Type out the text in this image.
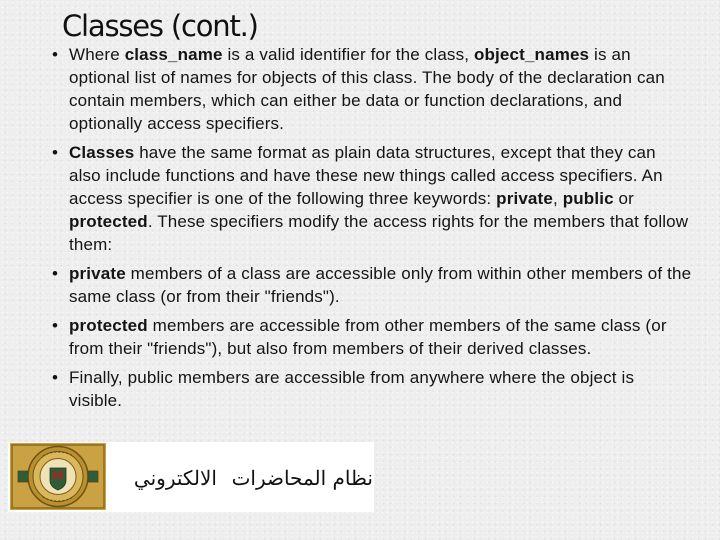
Classes (cont.)
• Where class_name is a valid identifier for the class, object_names is an optional list of names for objects of this class. The body of the declaration can contain members, which can either be data or function declarations, and optionally access specifiers.
• Classes have the same format as plain data structures, except that they can also include functions and have these new things called access specifiers. An access specifier is one of the following three keywords: private, public or protected. These specifiers modify the access rights for the members that follow them:
• private members of a class are accessible only from within other members of the same class (or from their "friends").
• protected members are accessible from other members of the same class (or from their "friends"), but also from members of their derived classes.
• Finally, public members are accessible from anywhere where the object is visible.
نظام المحاضرات
الالكتروني
